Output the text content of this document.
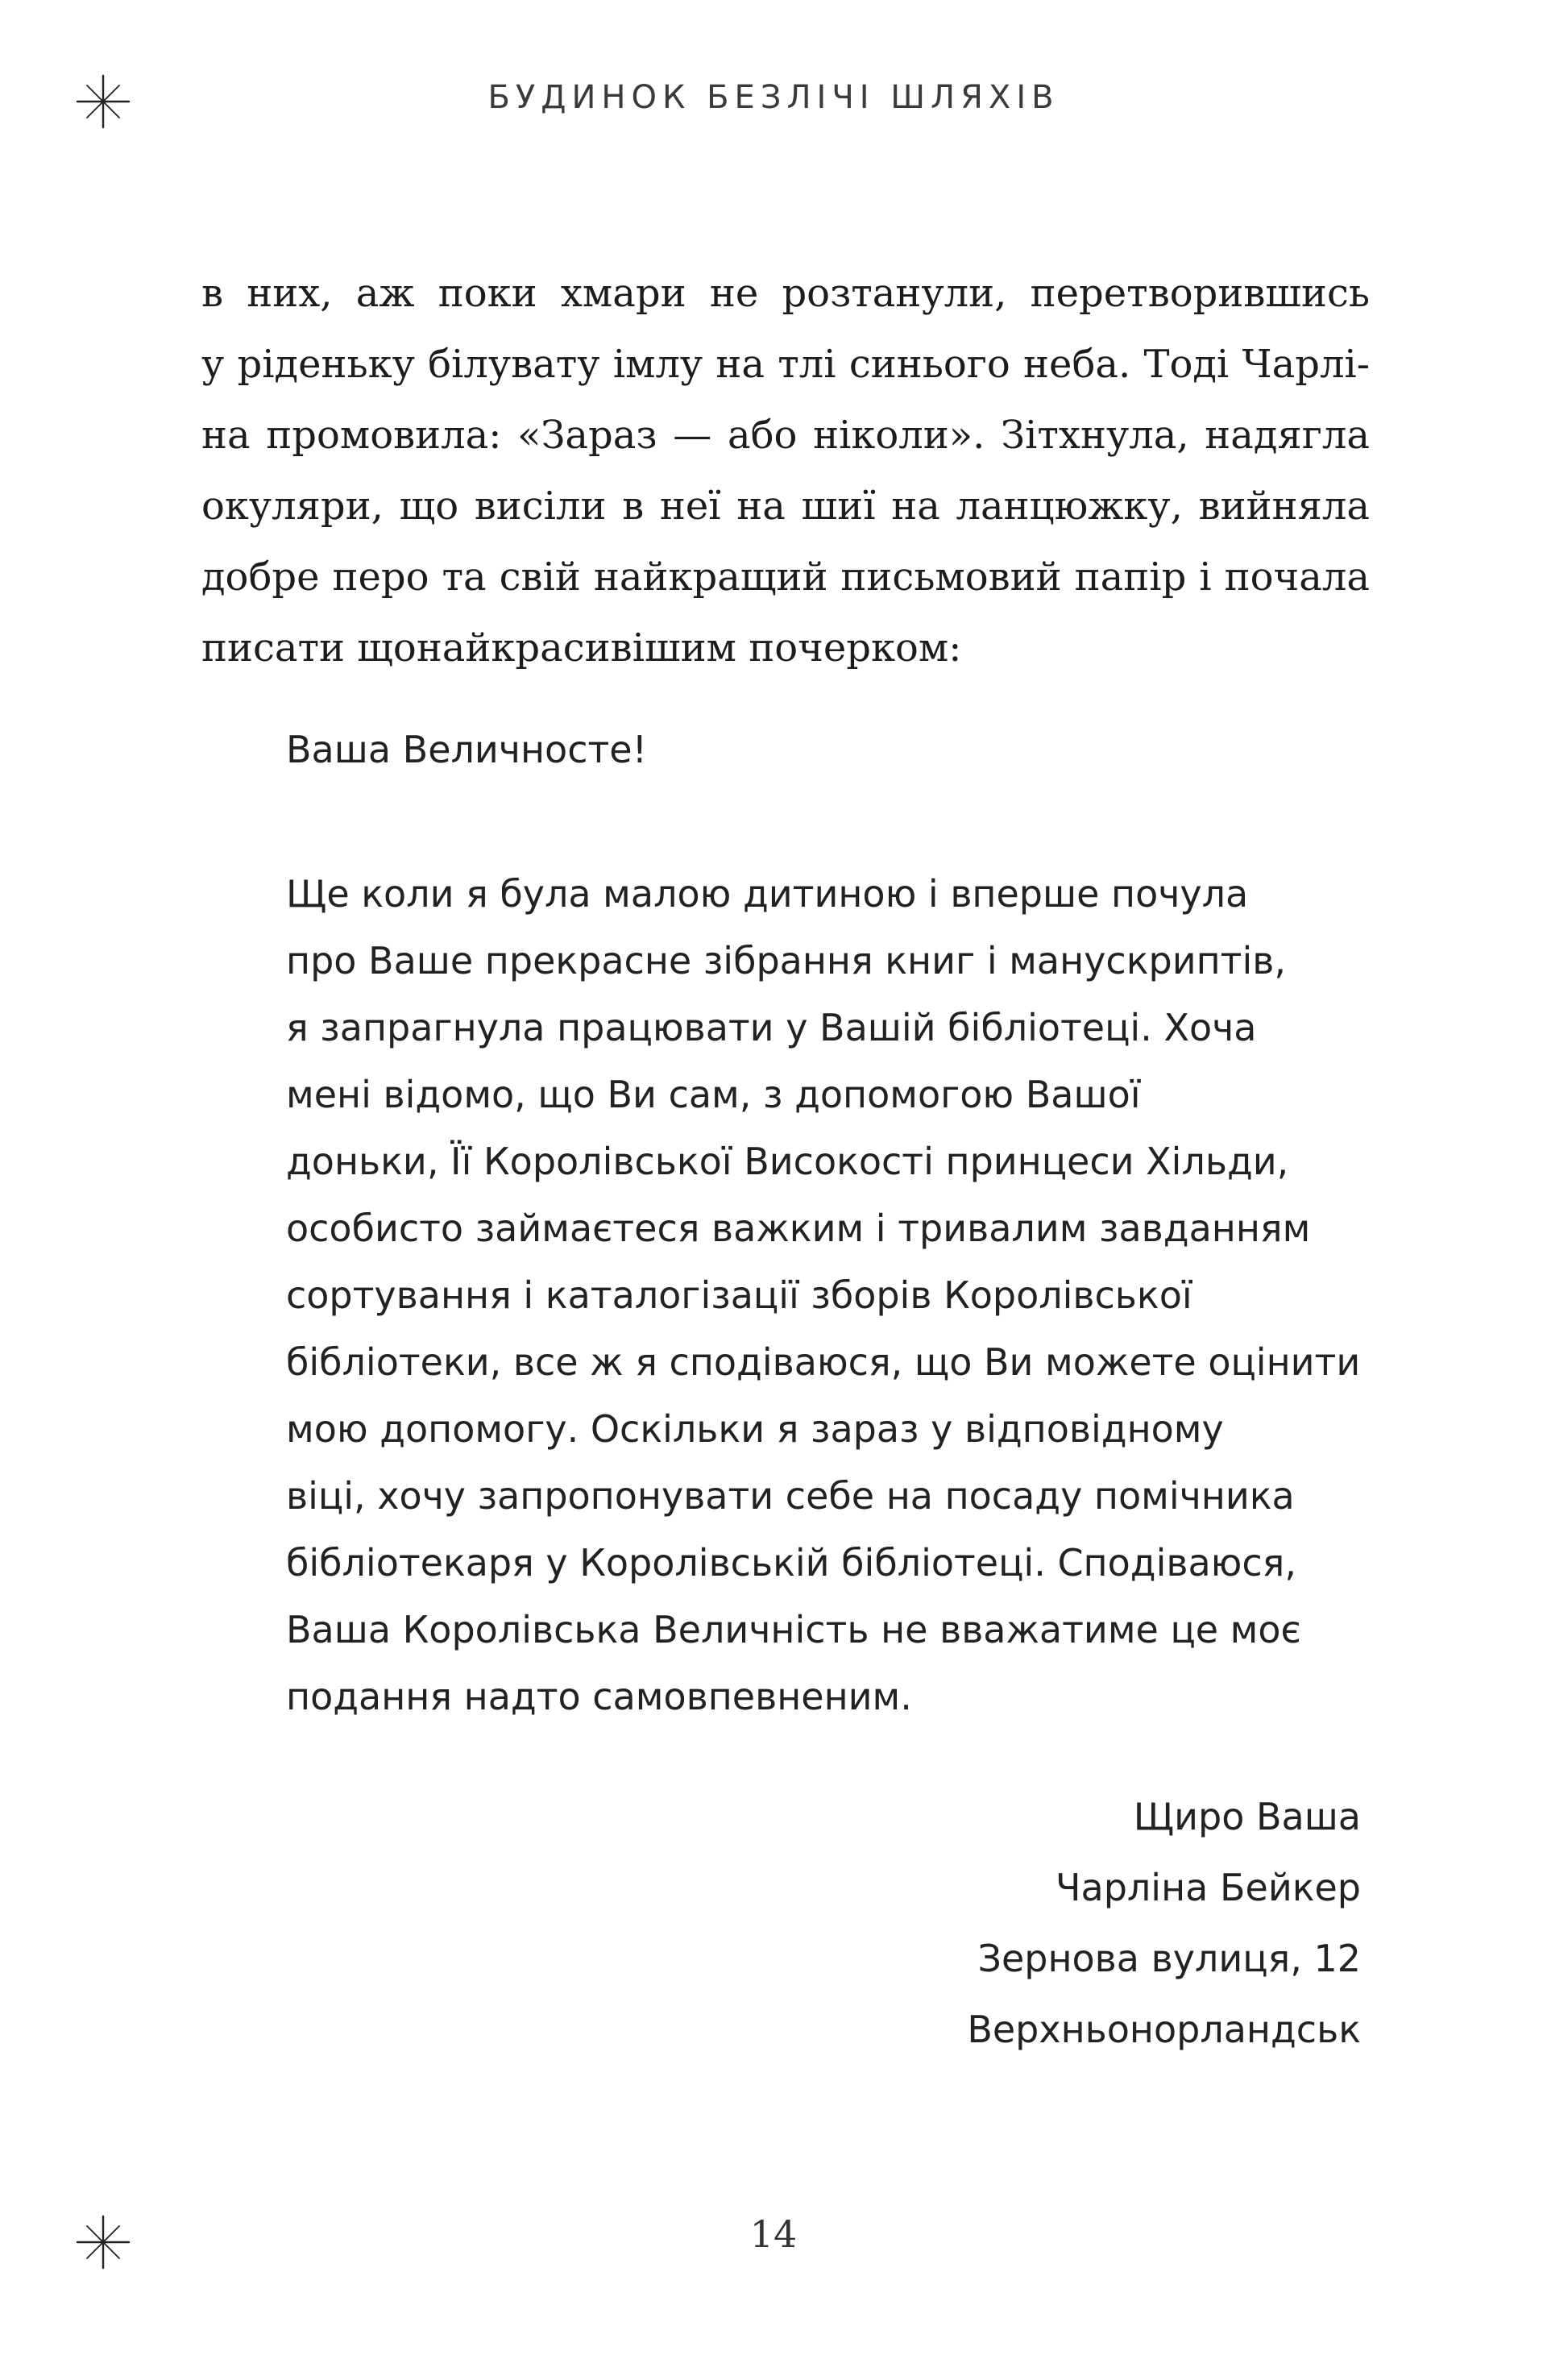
БУДИНОК БЕЗЛІЧІ ШЛЯХІВ

в них, аж поки хмари не розтанули, перетворившись
у ріденьку білувату імлу на тлі синього неба. Тоді Чарлі-
на промовила: «Зараз — або ніколи». Зітхнула, надягла
окуляри, що висіли в неї на шиї на ланцюжку, вийняла
добре перо та свій найкращий письмовий папір і почала
писати щонайкрасивішим почерком:

Ваша Величносте!
Ще коли я була малою дитиною і вперше почула
про Ваше прекрасне зібрання книг і манускриптів,
я запрагнула працювати у Вашій бібліотеці. Хоча
мені відомо, що Ви сам, з допомогою Вашої
доньки, Її Королівської Високості принцеси Хільди,
особисто займаєтеся важким і тривалим завданням
сортування і каталогізації зборів Королівської
бібліотеки, все ж я сподіваюся, що Ви можете оцінити
мою допомогу. Оскільки я зараз у відповідному
віці, хочу запропонувати себе на посаду помічника
бібліотекаря у Королівській бібліотеці. Сподіваюся,
Ваша Королівська Величність не вважатиме це моє
подання надто самовпевненим.
Щиро Ваша
Чарліна Бейкер
Зернова вулиця, 12
Верхньонорландськ
14
